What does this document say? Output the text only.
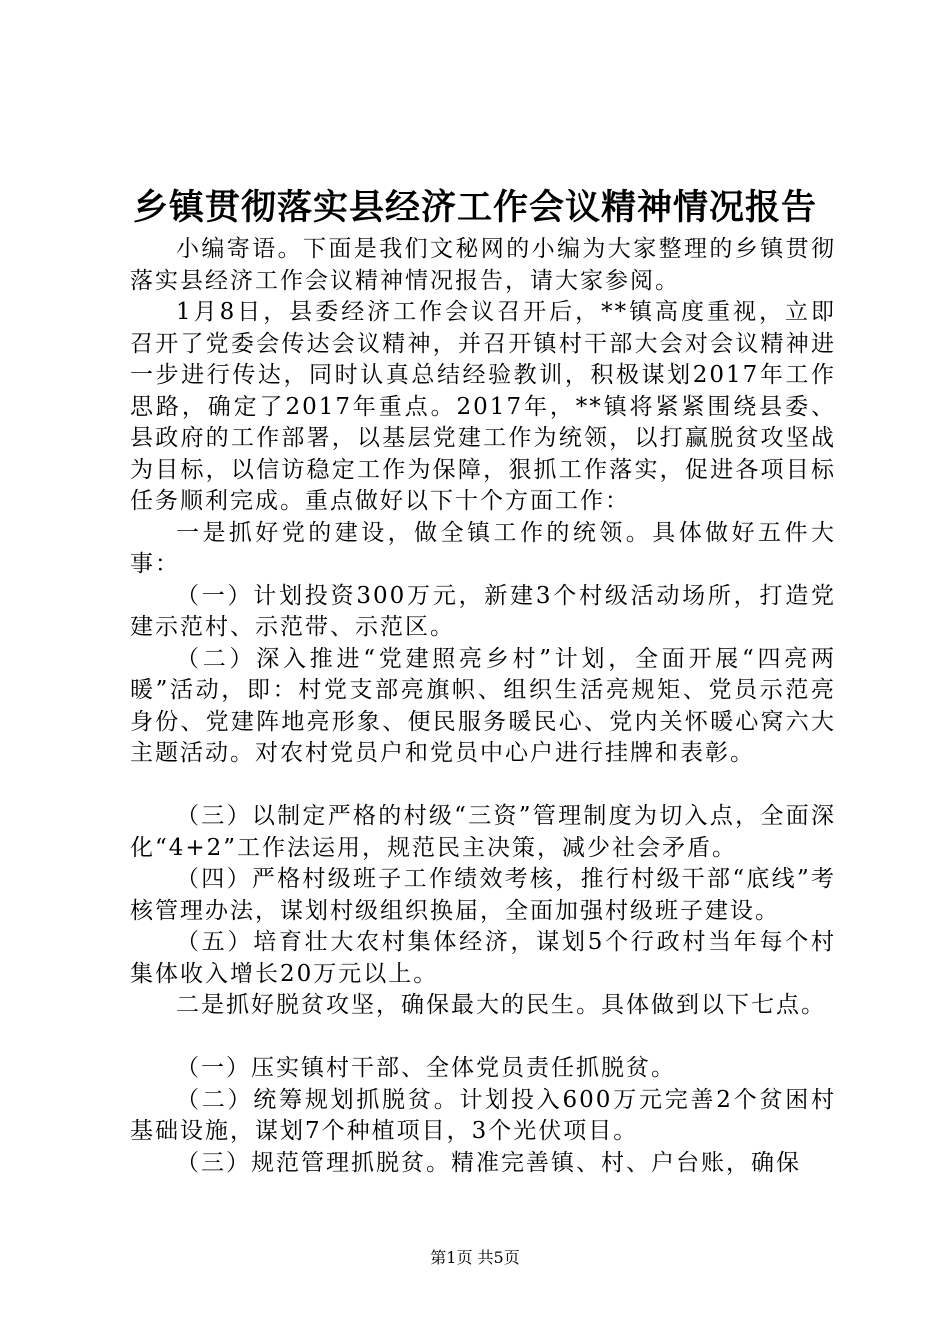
乡镇贯彻落实县经济工作会议精神情况报告

小编寄语。下面是我们文秘网的小编为大家整理的乡镇贯彻落实县经济工作会议精神情况报告，请大家参阅。

1月8日，县委经济工作会议召开后，**镇高度重视，立即召开了党委会传达会议精神，并召开镇村干部大会对会议精神进一步进行传达，同时认真总结经验教训，积极谋划2017年工作思路，确定了2017年重点。2017年，**镇将紧紧围绕县委、县政府的工作部署，以基层党建工作为统领，以打赢脱贫攻坚战为目标，以信访稳定工作为保障，狠抓工作落实，促进各项目标任务顺利完成。重点做好以下十个方面工作：

一是抓好党的建设，做全镇工作的统领。具体做好五件大事：

（一）计划投资300万元，新建3个村级活动场所，打造党建示范村、示范带、示范区。

（二）深入推进“党建照亮乡村”计划，全面开展“四亮两暖”活动，即：村党支部亮旗帜、组织生活亮规矩、党员示范亮身份、党建阵地亮形象、便民服务暖民心、党内关怀暖心窝六大主题活动。对农村党员户和党员中心户进行挂牌和表彰。

（三）以制定严格的村级“三资”管理制度为切入点，全面深化“4+2”工作法运用，规范民主决策，减少社会矛盾。

（四）严格村级班子工作绩效考核，推行村级干部“底线”考核管理办法，谋划村级组织换届，全面加强村级班子建设。

（五）培育壮大农村集体经济，谋划5个行政村当年每个村集体收入增长20万元以上。

二是抓好脱贫攻坚，确保最大的民生。具体做到以下七点。

（一）压实镇村干部、全体党员责任抓脱贫。

（二）统筹规划抓脱贫。计划投入600万元完善2个贫困村基础设施，谋划7个种植项目，3个光伏项目。

（三）规范管理抓脱贫。精准完善镇、村、户台账，确保

第1页 共5页
